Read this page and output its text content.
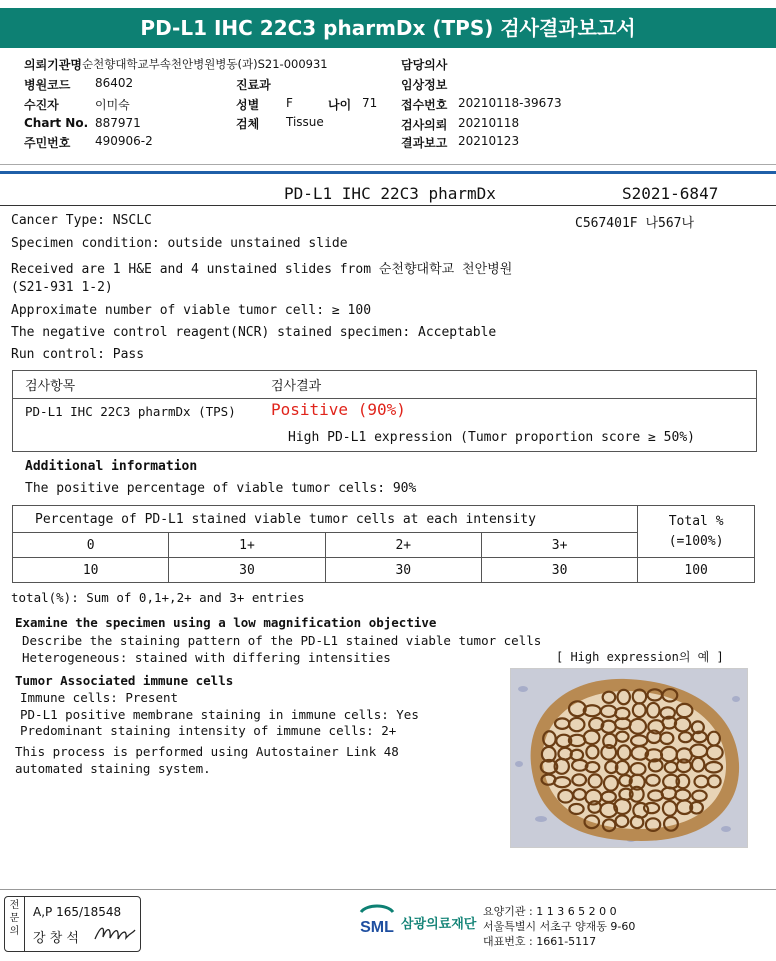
PD-L1 IHC 22C3 pharmDx (TPS) 검사결과보고서
의뢰기관명 순천향대학교부속천안병원병동(과)S21-000931
병원코드 86402	진료과
수진자	이미숙	성별 F	나이 71
Chart No. 887971	검체 Tissue
주민번호 490906-2
담당의사
임상정보
접수번호 20210118-39673
검사의뢰 20210118
결과보고 20210123
PD-L1 IHC 22C3 pharmDx	S2021-6847
C567401F 나567나
Cancer Type: NSCLC
Specimen condition: outside unstained slide
Received are 1 H&E and 4 unstained slides from 순천향대학교 천안병원
(S21-931 1-2)
Approximate number of viable tumor cell: ≥ 100
The negative control reagent(NCR) stained specimen: Acceptable
Run control: Pass
검사항목	검사결과
PD-L1 IHC 22C3 pharmDx (TPS) Positive (90%)
High PD-L1 expression (Tumor proportion score ≥ 50%)
Additional information
The positive percentage of viable tumor cells: 90%
Percentage of PD-L1 stained viable tumor cells at each intensity				Total %
(=100%)

0	1+	2+	3+	
10	30	30	30	100
total(%): Sum of 0,1+,2+ and 3+ entries
Examine the specimen using a low magnification objective
Describe the staining pattern of the PD-L1 stained viable tumor cells
Heterogeneous: stained with differing intensities	[ High expression의 예 ]
Tumor Associated immune cells
Immune cells: Present
PD-L1 positive membrane staining in immune cells: Yes
Predominant staining intensity of immune cells: 2+
This process is performed using Autostainer Link 48
automated staining system.
전문의
A,P 165/18548
강 창 석
SML 삼광의료재단
요양기관 : 1 1 3 6 5 2 0 0
서울특별시 서초구 양재동 9-60
대표번호 : 1661-5117
